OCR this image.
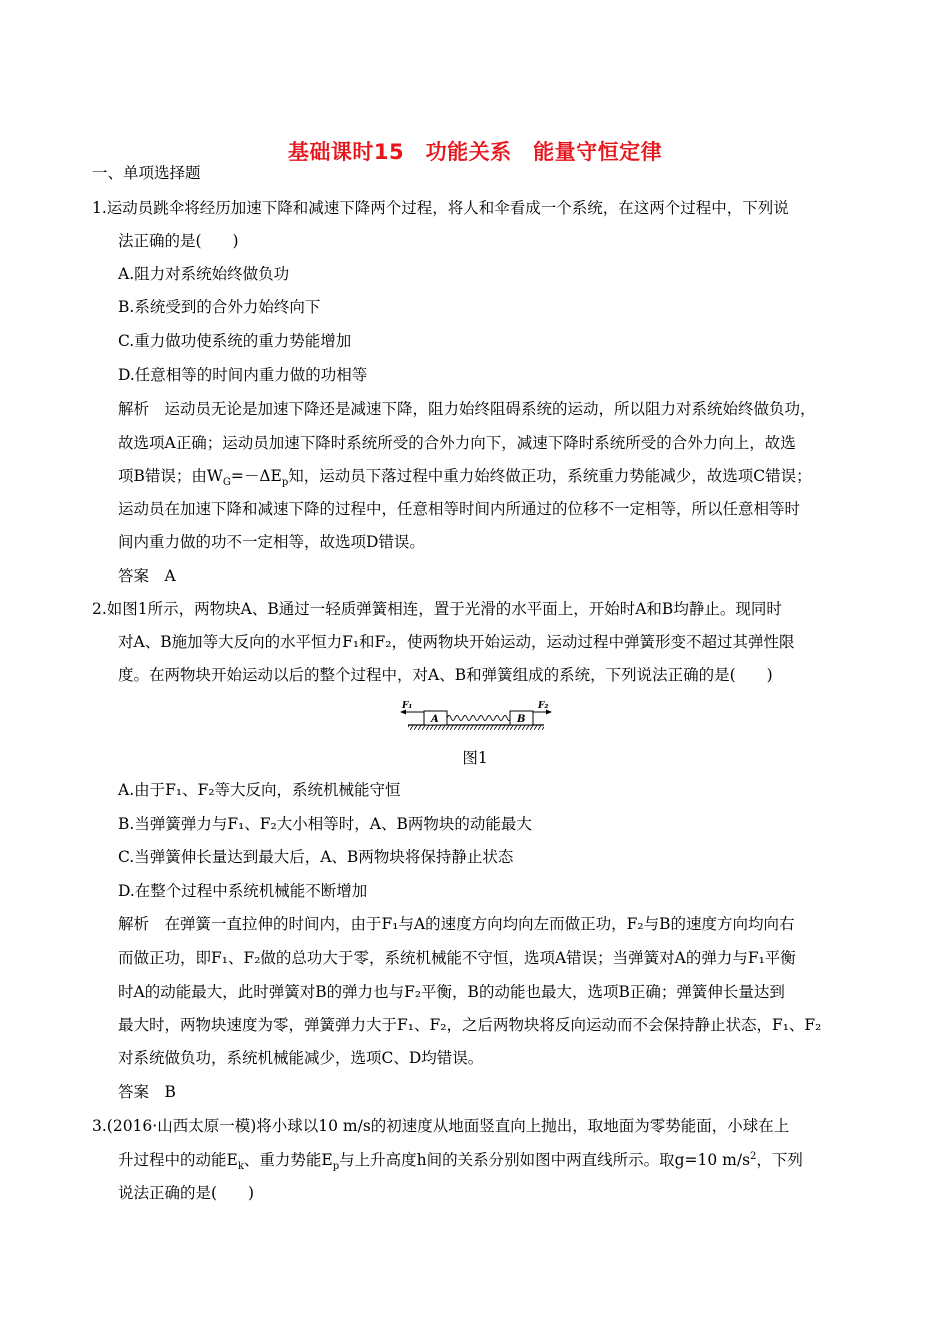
基础课时15　功能关系　能量守恒定律
一、单项选择题
1.运动员跳伞将经历加速下降和减速下降两个过程，将人和伞看成一个系统，在这两个过程中，下列说
法正确的是(　　)
A.阻力对系统始终做负功
B.系统受到的合外力始终向下
C.重力做功使系统的重力势能增加
D.任意相等的时间内重力做的功相等
解析　运动员无论是加速下降还是减速下降，阻力始终阻碍系统的运动，所以阻力对系统始终做负功，
故选项A正确；运动员加速下降时系统所受的合外力向下，减速下降时系统所受的合外力向上，故选
项B错误；由$W_G=-\Delta E_p$知，运动员下落过程中重力始终做正功，系统重力势能减少，故选项C错误；
运动员在加速下降和减速下降的过程中，任意相等时间内所通过的位移不一定相等，所以任意相等时
间内重力做的功不一定相等，故选项D错误。
答案　A
2.如图1所示，两物块A、B通过一轻质弹簧相连，置于光滑的水平面上，开始时A和B均静止。现同时
对A、B施加等大反向的水平恒力F₁和F₂，使两物块开始运动，运动过程中弹簧形变不超过其弹性限
度。在两物块开始运动以后的整个过程中，对A、B和弹簧组成的系统，下列说法正确的是(　　)
F₁
A	B
F₂
图1
A.由于F₁、F₂等大反向，系统机械能守恒
B.当弹簧弹力与F₁、F₂大小相等时，A、B两物块的动能最大
C.当弹簧伸长量达到最大后，A、B两物块将保持静止状态
D.在整个过程中系统机械能不断增加
解析　在弹簧一直拉伸的时间内，由于F₁与A的速度方向均向左而做正功，F₂与B的速度方向均向右
而做正功，即F₁、F₂做的总功大于零，系统机械能不守恒，选项A错误；当弹簧对A的弹力与F₁平衡
时A的动能最大，此时弹簧对B的弹力也与F₂平衡，B的动能也最大，选项B正确；弹簧伸长量达到
最大时，两物块速度为零，弹簧弹力大于F₁、F₂，之后两物块将反向运动而不会保持静止状态，F₁、F₂
对系统做负功，系统机械能减少，选项C、D均错误。
答案　B
3.(2016·山西太原一模)将小球以10 m/s的初速度从地面竖直向上抛出，取地面为零势能面，小球在上
升过程中的动能$E_k$、重力势能$E_p$与上升高度h间的关系分别如图中两直线所示。取g=10 $m/s^2$，下列
说法正确的是(　　)
